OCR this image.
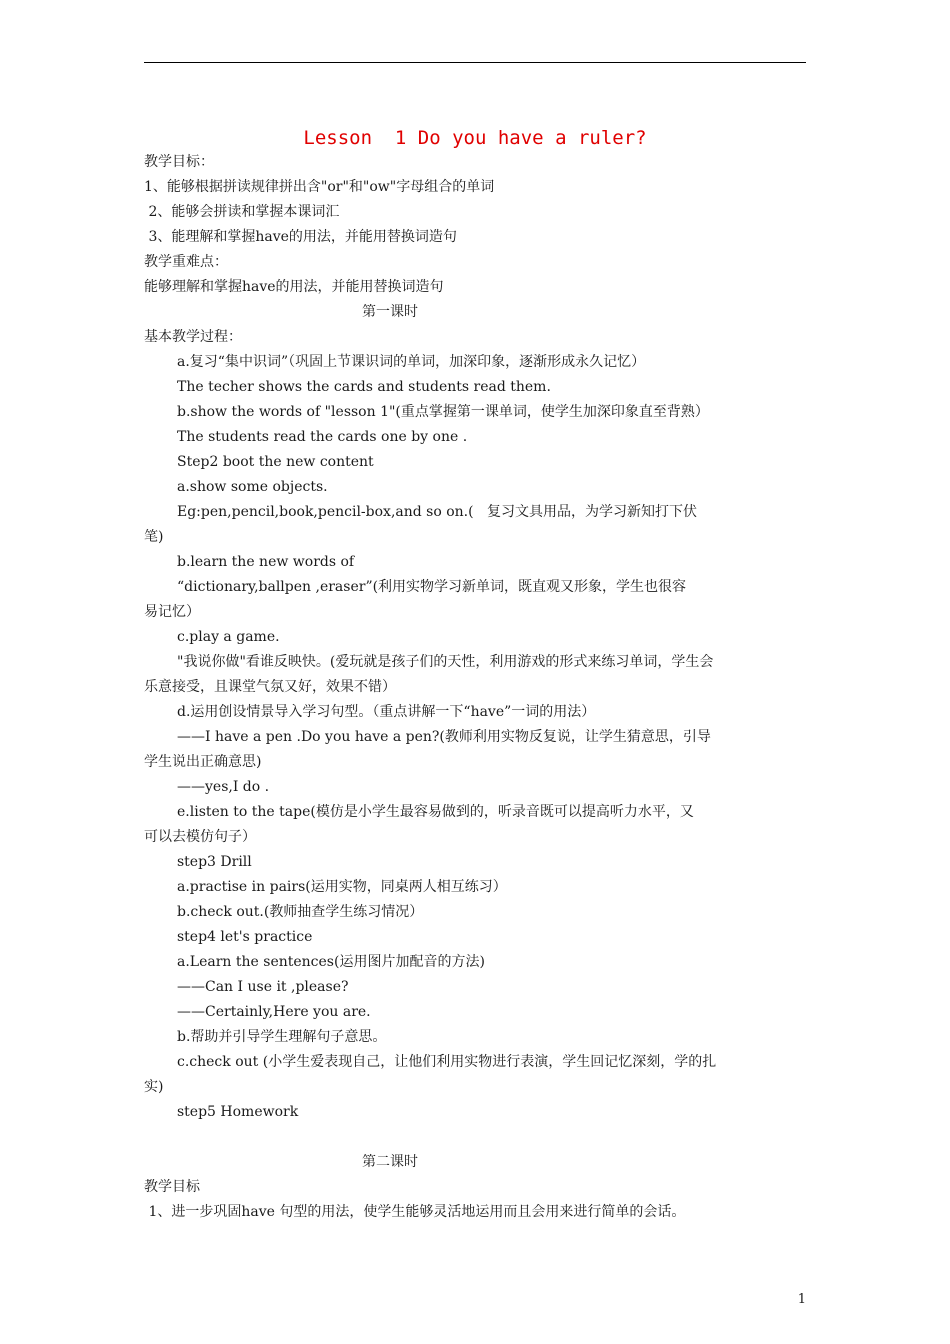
Lesson  1 Do you have a ruler?
教学目标：
1、能够根据拼读规律拼出含"or"和"ow"字母组合的单词
2、能够会拼读和掌握本课词汇
3、能理解和掌握have的用法，并能用替换词造句
教学重难点：
能够理解和掌握have的用法，并能用替换词造句
第一课时
基本教学过程：
a.复习“集中识词”（巩固上节课识词的单词，加深印象，逐渐形成永久记忆）
The techer shows the cards and students read them.
b.show the words of "lesson 1"(重点掌握第一课单词，使学生加深印象直至背熟）
The students read the cards one by one .
Step2 boot the new content
a.show some objects.
Eg:pen,pencil,book,pencil-box,and so on.(   复习文具用品，为学习新知打下伏
笔)
b.learn the new words of
“dictionary,ballpen ,eraser”(利用实物学习新单词，既直观又形象，学生也很容
易记忆）
c.play a game.
"我说你做"看谁反映快。(爱玩就是孩子们的天性，利用游戏的形式来练习单词，学生会
乐意接受，且课堂气氛又好，效果不错）
d.运用创设情景导入学习句型。（重点讲解一下“have”一词的用法）
——I have a pen .Do you have a pen?(教师利用实物反复说，让学生猜意思，引导
学生说出正确意思)
——yes,I do .
e.listen to the tape(模仿是小学生最容易做到的，听录音既可以提高听力水平，又
可以去模仿句子）
step3 Drill
a.practise in pairs(运用实物，同桌两人相互练习）
b.check out.(教师抽查学生练习情况）
step4 let's practice
a.Learn the sentences(运用图片加配音的方法)
——Can I use it ,please?
——Certainly,Here you are.
b.帮助并引导学生理解句子意思。
c.check out (小学生爱表现自己，让他们利用实物进行表演，学生回记忆深刻，学的扎
实)
step5 Homework
第二课时
教学目标
1、进一步巩固have 句型的用法，使学生能够灵活地运用而且会用来进行简单的会话。
1
